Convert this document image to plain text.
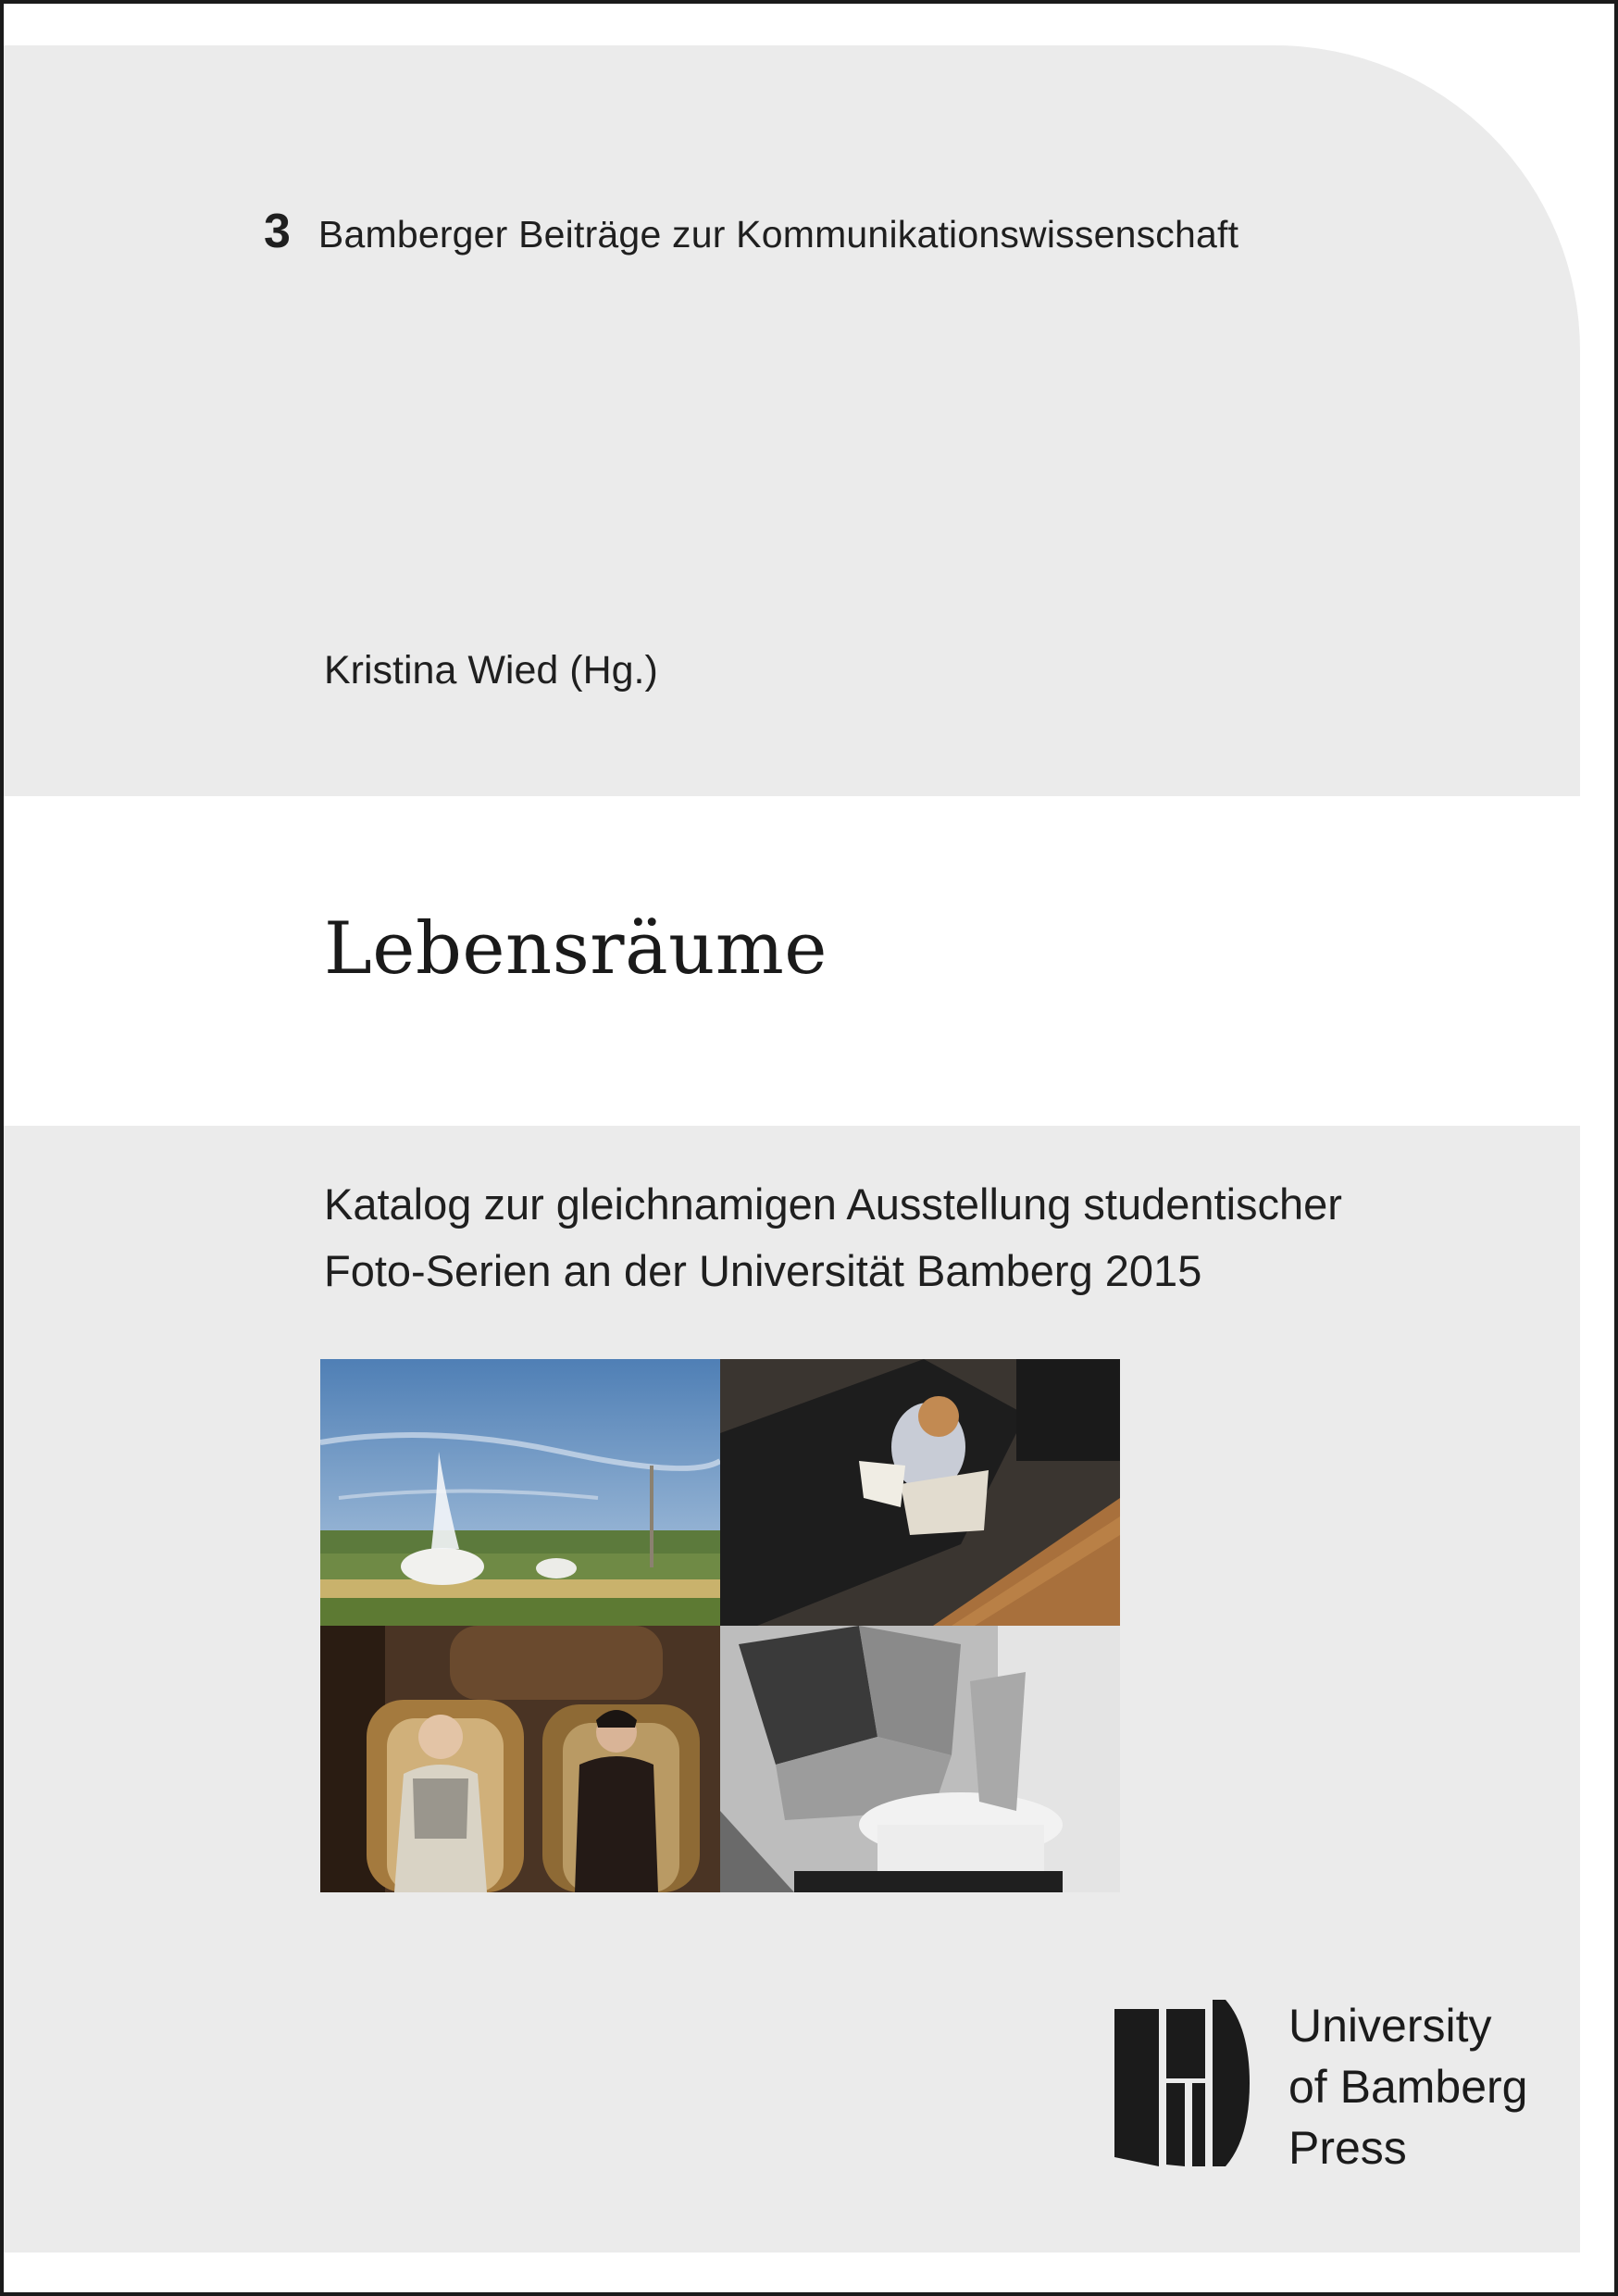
3 Bamberger Beiträge zur Kommunikationswissenschaft
Kristina Wied (Hg.)
Lebensräume
Katalog zur gleichnamigen Ausstellung studentischer
Foto-Serien an der Universität Bamberg 2015
University
of Bamberg
Press
